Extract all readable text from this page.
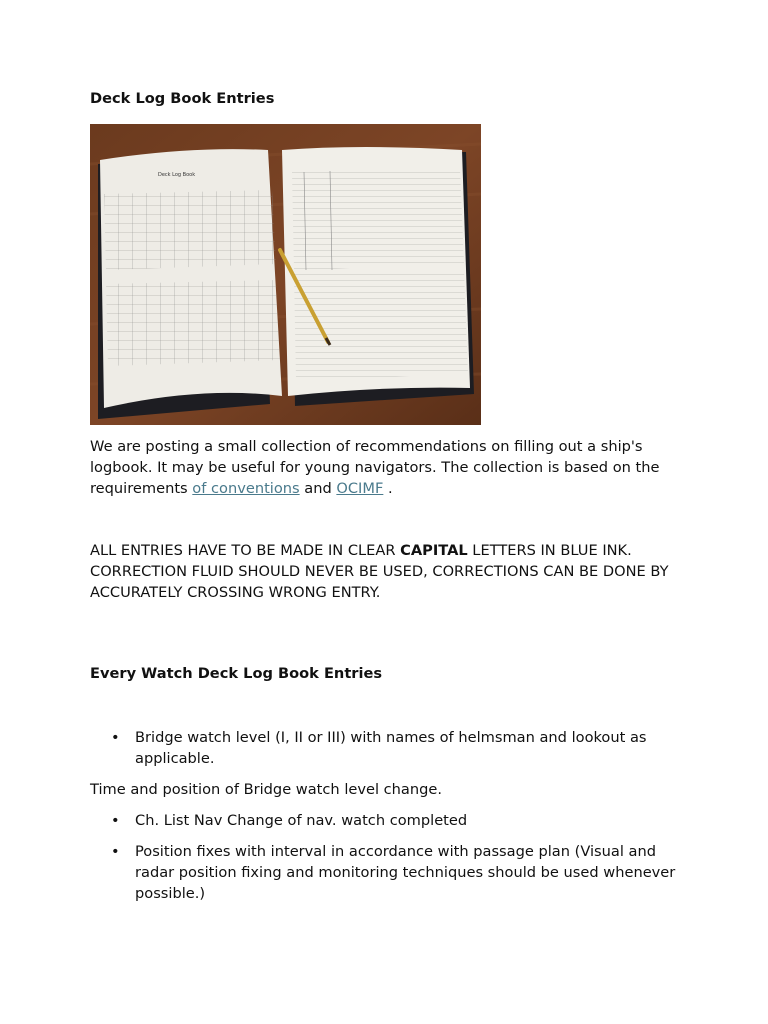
Deck Log Book Entries
Deck Log Book

We are posting a small collection of recommendations on filling out a ship's logbook. It may be useful for young navigators. The collection is based on the requirements of conventions and OCIMF .

ALL ENTRIES HAVE TO BE MADE IN CLEAR CAPITAL LETTERS IN BLUE INK. CORRECTION FLUID SHOULD NEVER BE USED, CORRECTIONS CAN BE DONE BY ACCURATELY CROSSING WRONG ENTRY.

Every Watch Deck Log Book Entries
• Bridge watch level (I, II or III) with names of helmsman and lookout as applicable.

Time and position of Bridge watch level change.

• Ch. List Nav Change of nav. watch completed
• Position fixes with interval in accordance with passage plan (Visual and radar position fixing and monitoring techniques should be used whenever possible.)
